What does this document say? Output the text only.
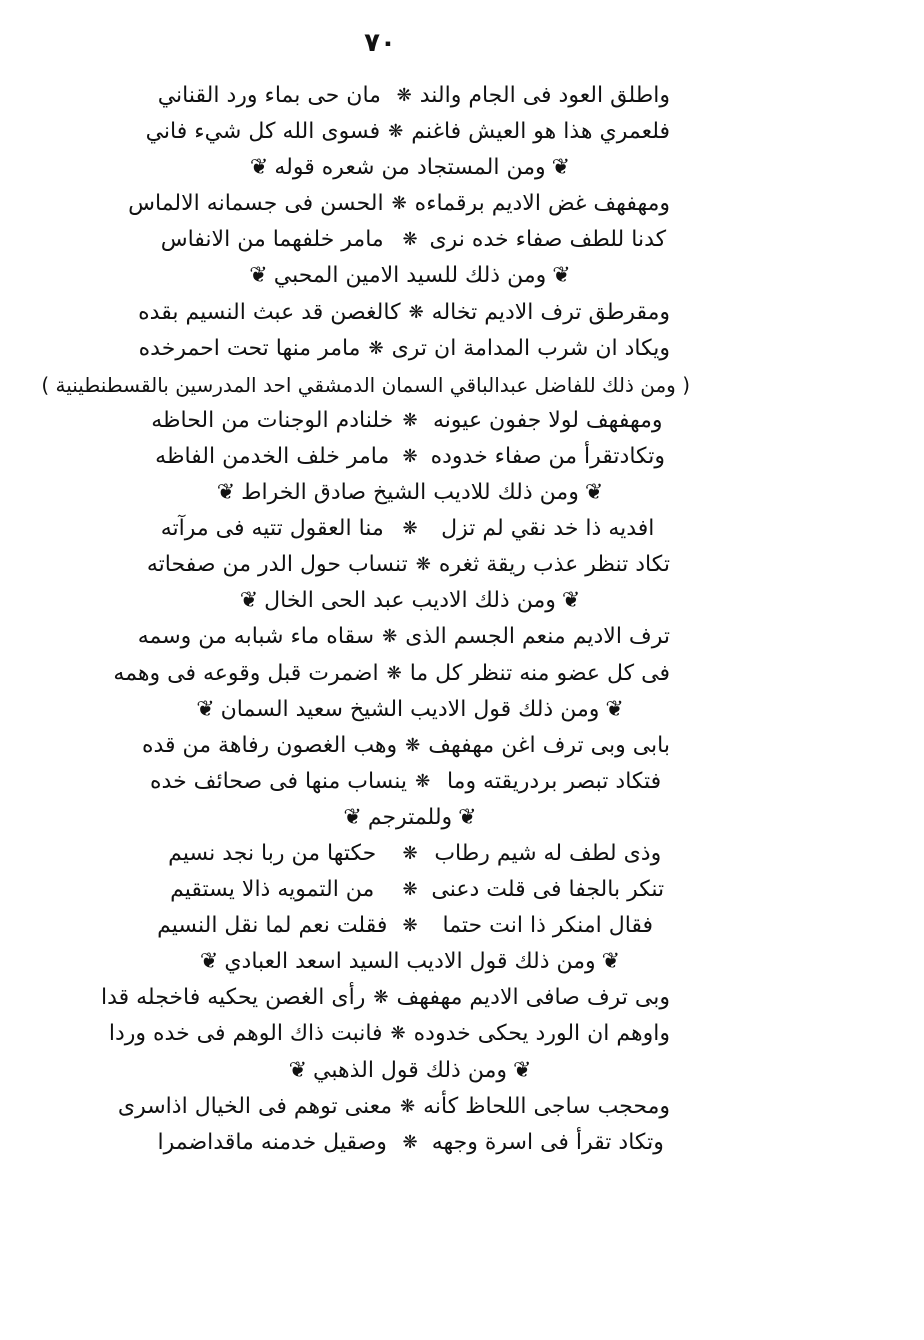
٧٠
واطلق العود فى الجام والند
❋
مان حى بماء ورد القناني
فلعمري هذا هو العيش فاغنم
❋
فسوى الله كل شيء فاني
❦ومن المستجاد من شعره قوله❦
ومهفهف غض الاديم برقماءه
❋
الحسن فى جسمانه الالماس
كدنا للطف صفاء خده نرى
❋
مامر خلفهما من الانفاس
❦ومن ذلك للسيد الامين المحبي❦
ومقرطق ترف الاديم تخاله
❋
كالغصن قد عبث النسيم بقده
ويكاد ان شرب المدامة ان ترى
❋
مامر منها تحت احمرخده
( ومن ذلك للفاضل عبدالباقي السمان الدمشقي احد المدرسين بالقسطنطينية )
ومهفهف لولا جفون عيونه
❋
خلنادم الوجنات من الحاظه
وتكادتقرأ من صفاء خدوده
❋
مامر خلف الخدمن الفاظه
❦ومن ذلك للاديب الشيخ صادق الخراط❦
افديه ذا خد نقي لم تزل
❋
منا العقول تتيه فى مرآته
تكاد تنظر عذب ريقة ثغره
❋
تنساب حول الدر من صفحاته
❦ومن ذلك الاديب عبد الحى الخال❦
ترف الاديم منعم الجسم الذى
❋
سقاه ماء شبابه من وسمه
فى كل عضو منه تنظر كل ما
❋
اضمرت قبل وقوعه فى وهمه
❦ومن ذلك قول الاديب الشيخ سعيد السمان❦
بابى وبى ترف اغن مهفهف
❋
وهب الغصون رفاهة من قده
فتكاد تبصر بردريقته وما
❋
ينساب منها فى صحائف خده
❦وللمترجم❦
وذى لطف له شيم رطاب
❋
حكتها من ربا نجد نسيم
تنكر بالجفا فى قلت دعنى
❋
من التمويه ذالا يستقيم
فقال امنكر ذا انت حتما
❋
فقلت نعم لما نقل النسيم
❦ومن ذلك قول الاديب السيد اسعد العبادي❦
وبى ترف صافى الاديم مهفهف
❋
رأى الغصن يحكيه فاخجله قدا
واوهم ان الورد يحكى خدوده
❋
فانبت ذاك الوهم فى خده وردا
❦ومن ذلك قول الذهبي❦
ومحجب ساجى اللحاظ كأنه
❋
معنى توهم فى الخيال اذاسرى
وتكاد تقرأ فى اسرة وجهه
❋
وصقيل خدمنه ماقداضمرا
